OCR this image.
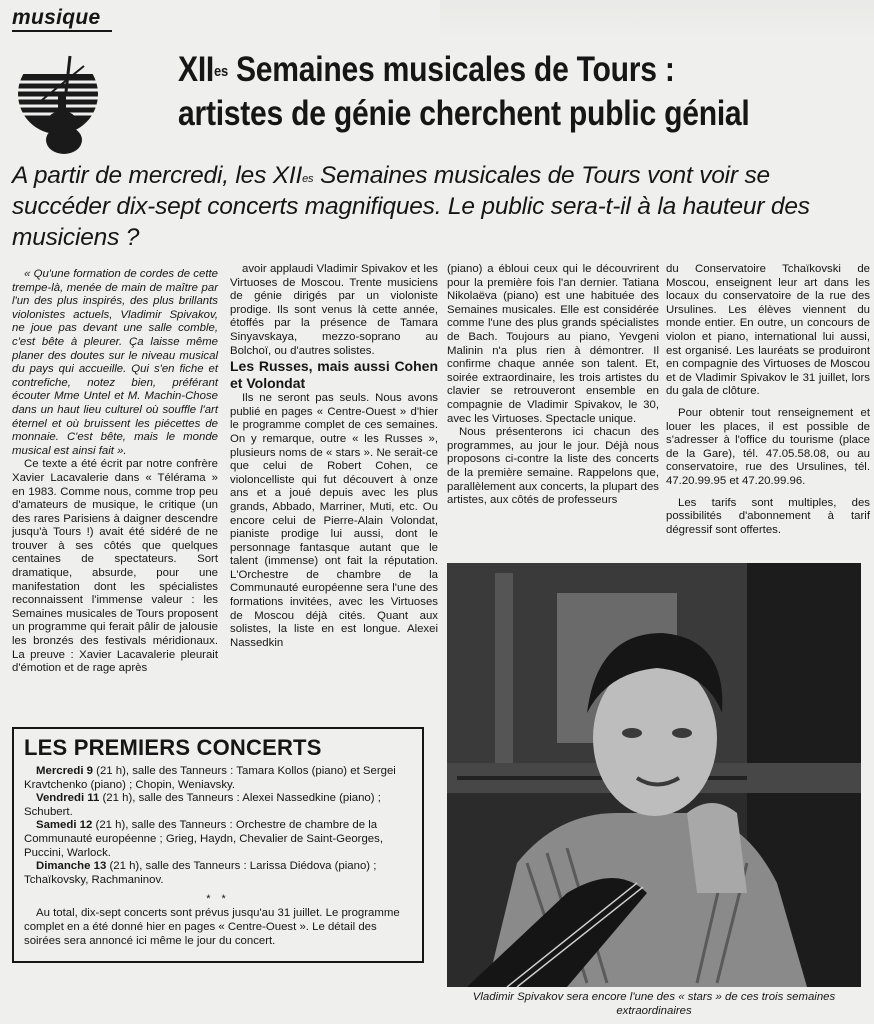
musique
$XII^{es}$ Semaines musicales de Tours :
artistes de génie cherchent public génial
A partir de mercredi, les $XII^{es}$ Semaines musicales de Tours vont voir se succéder dix-sept concerts magnifiques. Le public sera-t-il à la hauteur des musiciens ?

« Qu'une formation de cordes de cette trempe-là, menée de main de maître par l'un des plus inspirés, des plus brillants violonistes actuels, Vladimir Spivakov, ne joue pas devant une salle comble, c'est bête à pleurer. Ça laisse même planer des doutes sur le niveau musical du pays qui accueille. Qui s'en fiche et contrefiche, notez bien, préférant écouter Mme Untel et M. Machin-Chose dans un haut lieu culturel où souffle l'art éternel et où bruissent les piécettes de monnaie. C'est bête, mais le monde musical est ainsi fait ».

Ce texte a été écrit par notre confrère Xavier Lacavalerie dans « Télérama » en 1983. Comme nous, comme trop peu d'amateurs de musique, le critique (un des rares Parisiens à daigner descendre jusqu'à Tours !) avait été sidéré de ne trouver à ses côtés que quelques centaines de spectateurs. Sort dramatique, absurde, pour une manifestation dont les spécialistes reconnaissent l'immense valeur : les Semaines musicales de Tours proposent un programme qui ferait pâlir de jalousie les bronzés des festivals méridionaux. La preuve : Xavier Lacavalerie pleurait d'émotion et de rage après

avoir applaudi Vladimir Spivakov et les Virtuoses de Moscou. Trente musiciens de génie dirigés par un violoniste prodige. Ils sont venus là cette année, étoffés par la présence de Tamara Sinyavskaya, mezzo-soprano au Bolchoï, ou d'autres solistes.

Les Russes, mais aussi Cohen et Volondat

Ils ne seront pas seuls. Nous avons publié en pages « Centre-Ouest » d'hier le programme complet de ces semaines. On y remarque, outre « les Russes », plusieurs noms de « stars ». Ne serait-ce que celui de Robert Cohen, ce violoncelliste qui fut découvert à onze ans et a joué depuis avec les plus grands, Abbado, Marriner, Muti, etc. Ou encore celui de Pierre-Alain Volondat, pianiste prodige lui aussi, dont le personnage fantasque autant que le talent (immense) ont fait la réputation. L'Orchestre de chambre de la Communauté européenne sera l'une des formations invitées, avec les Virtuoses de Moscou déjà cités. Quant aux solistes, la liste en est longue. Alexei Nassedkin

(piano) a ébloui ceux qui le découvrirent pour la première fois l'an dernier. Tatiana Nikolaëva (piano) est une habituée des Semaines musicales. Elle est considérée comme l'une des plus grands spécialistes de Bach. Toujours au piano, Yevgeni Malinin n'a plus rien à démontrer. Il confirme chaque année son talent. Et, soirée extraordinaire, les trois artistes du clavier se retrouveront ensemble en compagnie de Vladimir Spivakov, le 30, avec les Virtuoses. Spectacle unique.

Nous présenterons ici chacun des programmes, au jour le jour. Déjà nous proposons ci-contre la liste des concerts de la première semaine. Rappelons que, parallèlement aux concerts, la plupart des artistes, aux côtés de professeurs

du Conservatoire Tchaïkovski de Moscou, enseignent leur art dans les locaux du conservatoire de la rue des Ursulines. Les élèves viennent du monde entier. En outre, un concours de violon et piano, international lui aussi, est organisé. Les lauréats se produiront en compagnie des Virtuoses de Moscou et de Vladimir Spivakov le 31 juillet, lors du gala de clôture.

Pour obtenir tout renseignement et louer les places, il est possible de s'adresser à l'office du tourisme (place de la Gare), tél. 47.05.58.08, ou au conservatoire, rue des Ursulines, tél. 47.20.99.95 et 47.20.99.96.

Les tarifs sont multiples, des possibilités d'abonnement à tarif dégressif sont offertes.

LES PREMIERS CONCERTS

Mercredi 9 (21 h), salle des Tanneurs : Tamara Kollos (piano) et Sergei Kravtchenko (piano) ; Chopin, Weniavsky.

Vendredi 11 (21 h), salle des Tanneurs : Alexei Nassedkine (piano) ; Schubert.

Samedi 12 (21 h), salle des Tanneurs : Orchestre de chambre de la Communauté européenne ; Grieg, Haydn, Chevalier de Saint-Georges, Puccini, Warlock.

Dimanche 13 (21 h), salle des Tanneurs : Larissa Diédova (piano) ; Tchaïkovsky, Rachmaninov.

* *

Au total, dix-sept concerts sont prévus jusqu'au 31 juillet. Le programme complet en a été donné hier en pages « Centre-Ouest ». Le détail des soirées sera annoncé ici même le jour du concert.

Vladimir Spivakov sera encore l'une des « stars » de ces trois semaines extraordinaires
